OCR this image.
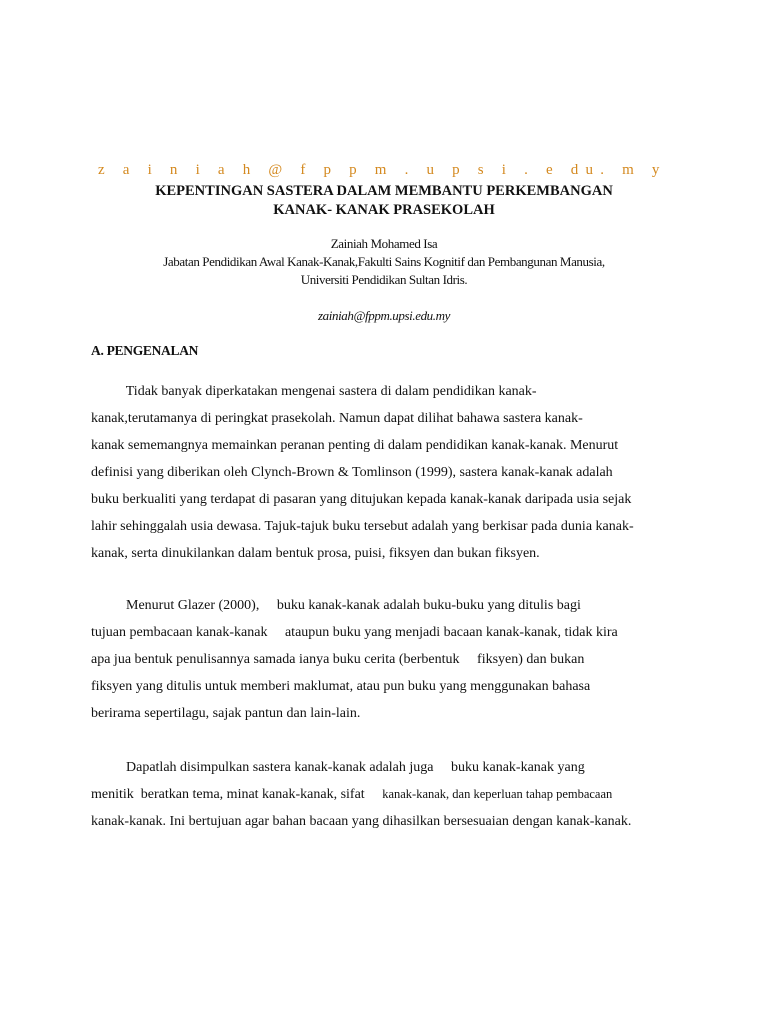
z a i n i a h @ f p p m . u p s i . e du. m y
KEPENTINGAN SASTERA DALAM MEMBANTU PERKEMBANGAN
KANAK- KANAK PRASEKOLAH
Zainiah Mohamed Isa
Jabatan Pendidikan Awal Kanak-Kanak,Fakulti Sains Kognitif dan Pembangunan Manusia,
Universiti Pendidikan Sultan Idris.
zainiah@fppm.upsi.edu.my
A. PENGENALAN
Tidak banyak diperkatakan mengenai sastera di dalam pendidikan kanak-
kanak,terutamanya di peringkat prasekolah. Namun dapat dilihat bahawa sastera kanak-
kanak sememangnya memainkan peranan penting di dalam pendidikan kanak-kanak. Menurut
definisi yang diberikan oleh Clynch-Brown & Tomlinson (1999), sastera kanak-kanak adalah
buku berkualiti yang terdapat di pasaran yang ditujukan kepada kanak-kanak daripada usia sejak
lahir sehinggalah usia dewasa. Tajuk-tajuk buku tersebut adalah yang berkisar pada dunia kanak-
kanak, serta dinukilankan dalam bentuk prosa, puisi, fiksyen dan bukan fiksyen.
Menurut Glazer (2000),     buku kanak-kanak adalah buku-buku yang ditulis bagi
tujuan pembacaan kanak-kanak     ataupun buku yang menjadi bacaan kanak-kanak, tidak kira
apa jua bentuk penulisannya samada ianya buku cerita (berbentuk     fiksyen) dan bukan
fiksyen yang ditulis untuk memberi maklumat, atau pun buku yang menggunakan bahasa
berirama sepertilagu, sajak pantun dan lain-lain.
Dapatlah disimpulkan sastera kanak-kanak adalah juga     buku kanak-kanak yang
menitik  beratkan tema, minat kanak-kanak, sifat     kanak-kanak, dan keperluan tahap pembacaan
kanak-kanak. Ini bertujuan agar bahan bacaan yang dihasilkan bersesuaian dengan kanak-kanak.
